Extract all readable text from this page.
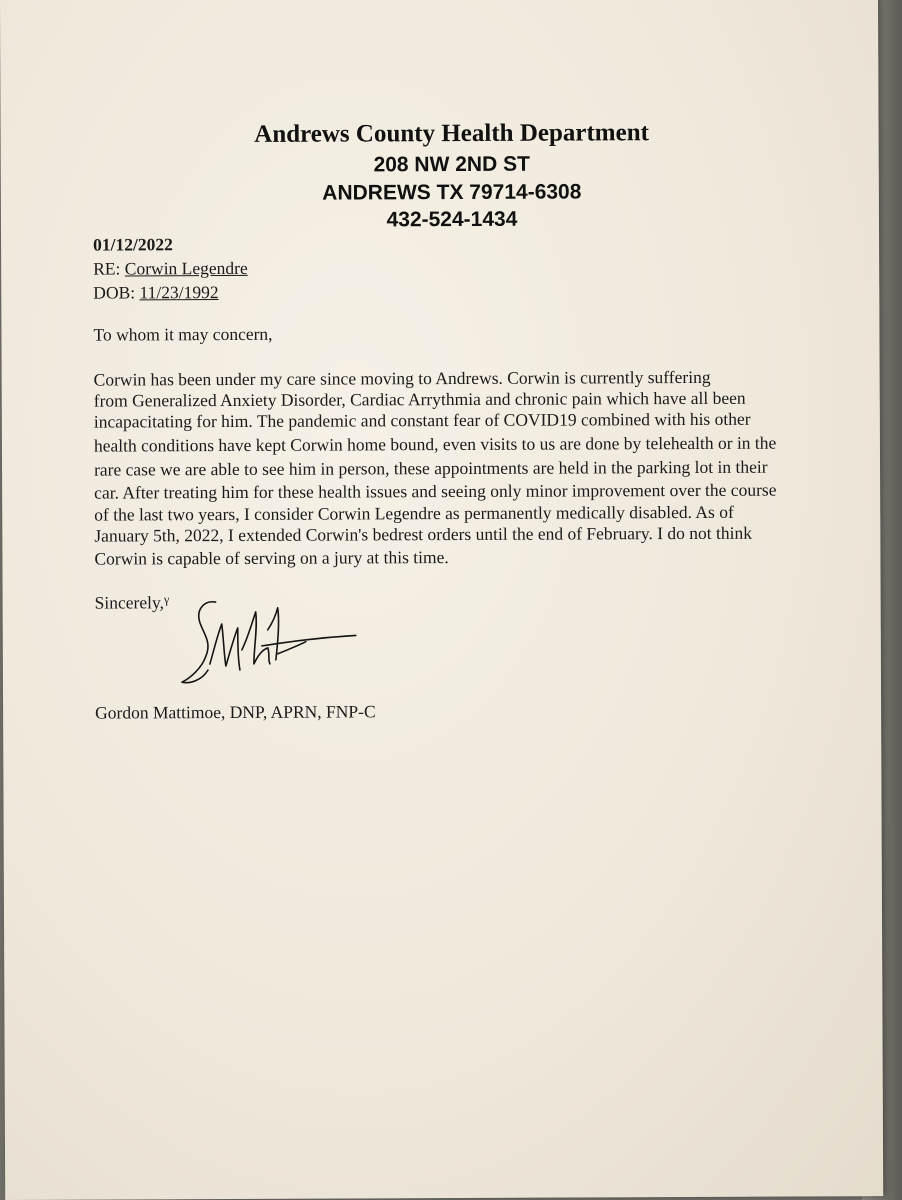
Andrews County Health Department
208 NW 2ND ST
ANDREWS TX 79714-6308
432-524-1434
01/12/2022
RE: Corwin Legendre
DOB: 11/23/1992
To whom it may concern,
Corwin has been under my care since moving to Andrews. Corwin is currently suffering
from Generalized Anxiety Disorder, Cardiac Arrythmia and chronic pain which have all been
incapacitating for him. The pandemic and constant fear of COVID19 combined with his other
health conditions have kept Corwin home bound, even visits to us are done by telehealth or in the
rare case we are able to see him in person, these appointments are held in the parking lot in their
car. After treating him for these health issues and seeing only minor improvement over the course
of the last two years, I consider Corwin Legendre as permanently medically disabled. As of
January 5th, 2022, I extended Corwin's bedrest orders until the end of February. I do not think
Corwin is capable of serving on a jury at this time.
Sincerely,$^\gamma$
Gordon Mattimoe, DNP, APRN, FNP-C
